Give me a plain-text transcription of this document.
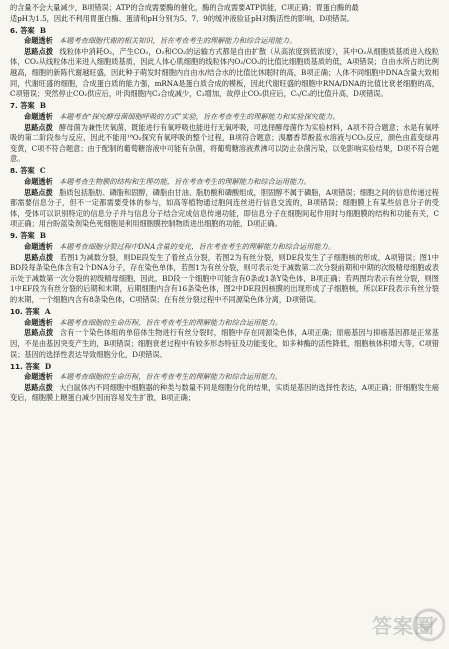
的含量不会大量减少，B项错误；ATP的合成需要酶的催化，酶的合成需要ATP供能，C项正确；胃蛋白酶的最

适pH为1.5，因此不利用胃蛋白酶、蛋清和pH分别为5、7、9的缓冲液验证pH对酶活性的影响，D项错误。

6. 答案 B

命题透析 本题考查细胞代谢的相关知识，旨在考查考生的理解能力和综合运用能力。

思路点拨 线粒体中消耗O₂，产生CO₂，O₂和CO₂的运输方式都是自由扩散（从高浓度到低浓度），其中O₂从细胞质基质进入线粒体，CO₂从线粒体出来进入细胞质基质，因此人体心肌细胞的线粒体内O₂/CO₂的比值比细胞质基质的低，A项错误；自由水所占的比例越高，细胞的新陈代谢越旺盛，因此种子萌发时细胞内自由水/结合水的比值比休眠时的高，B项正确；人体不同细胞中DNA含量大致相同，代谢旺盛的细胞，合成蛋白质的能力强，mRNA是蛋白质合成的模板，因此代谢旺盛的细胞中RNA/DNA的比值比衰老细胞的高，C项错误；突然停止CO₂供应后，叶肉细胞内C₃合成减少，C₃增加，故停止CO₂供应后，C₅/C₃的比值升高，D项错误。

7. 答案 B

命题透析 本题考查“探究酵母菌细胞呼吸的方式”实验，旨在考查考生的理解能力和实验探究能力。

思路点拨 酵母菌为兼性厌氧菌，既能进行有氧呼吸也能进行无氧呼吸，可选择酵母菌作为实验材料，A项不符合题意；水是有氧呼吸的第二阶段参与反应，因此不能用¹⁸O₂探究有氧呼吸的整个过程，B项符合题意；溴麝香草酚蓝水溶液与CO₂反应，颜色由蓝变绿再变黄，C项不符合题意；由于配制的葡萄糖溶液中可能有杂菌，将葡萄糖溶液煮沸可以防止杂菌污染，以免影响实验结果，D项不符合题意。

8. 答案 C

命题透析 本题考查生物膜的结构和生理功能，旨在考查考生的理解能力和综合运用能力。

思路点拨 脂质包括脂肪、磷脂和固醇，磷脂由甘油、脂肪酸和磷酸组成，胆固醇不属于磷脂，A项错误；细胞之间的信息传递过程都需要信息分子，但不一定都需要受体的参与，如高等植物通过胞间连丝进行信息交流的，B项错误；细胞膜上有某些信息分子的受体，受体可以识别特定的信息分子并与信息分子结合完成信息传递功能，即信息分子在细胞间起作用时与细胞膜的结构和功能有关，C项正确；用台盼蓝染剂染色死细胞是利用细胞膜控制物质进出细胞的功能，D项正确。

9. 答案 B

命题透析 本题考查细胞分裂过程中DNA含量的变化，旨在考查考生的理解能力和综合运用能力。

思路点拨 若图1为减数分裂，则DE段发生了着丝点分裂，若图2为有丝分裂，则DE段发生了子细胞核的形成，A项错误；图1中BD段每条染色体含有2个DNA分子，存在染色单体，若图1为有丝分裂，则可表示处于减数第二次分裂前期和中期的次级精母细胞或表示处于减数第一次分裂的初级精母细胞，因此，BD段一个细胞中可能含有0条或1条Y染色体，B项正确；若两图均表示有丝分裂，则图1中EF段为有丝分裂的后期和末期，后期细胞内含有16条染色体，图2中DE段因核膜的出现形成了子细胞核，所以EF段表示有丝分裂的末期，一个细胞内含有8条染色体，C项错误；在有丝分裂过程中不同源染色体分离，D项错误。

10. 答案 A

命题透析 本题考查细胞的生命历程，旨在考查考生的理解能力和综合运用能力。

思路点拨 含有一个染色体组的单倍体生物进行有丝分裂时，细胞中存在同源染色体，A项正确；原癌基因与抑癌基因都是正常基因，不是由基因突变产生的，B项错误；细胞衰老过程中有较多形态特征及功能变化，如多种酶的活性降低，细胞核体积增大等，C项错误；基因的选择性表达导致细胞分化，D项错误。

11. 答案 D

命题透析 本题考查细胞的生命历程，旨在考查考生的理解能力和综合运用能力。

思路点拨 大白鼠体内不同细胞中细胞器的种类与数量不同是细胞分化的结果，实质是基因的选择性表达，A项正确；肝细胞发生癌变后，细胞膜上糖蛋白减少因而容易发生扩散，B项正确；

答案圈
